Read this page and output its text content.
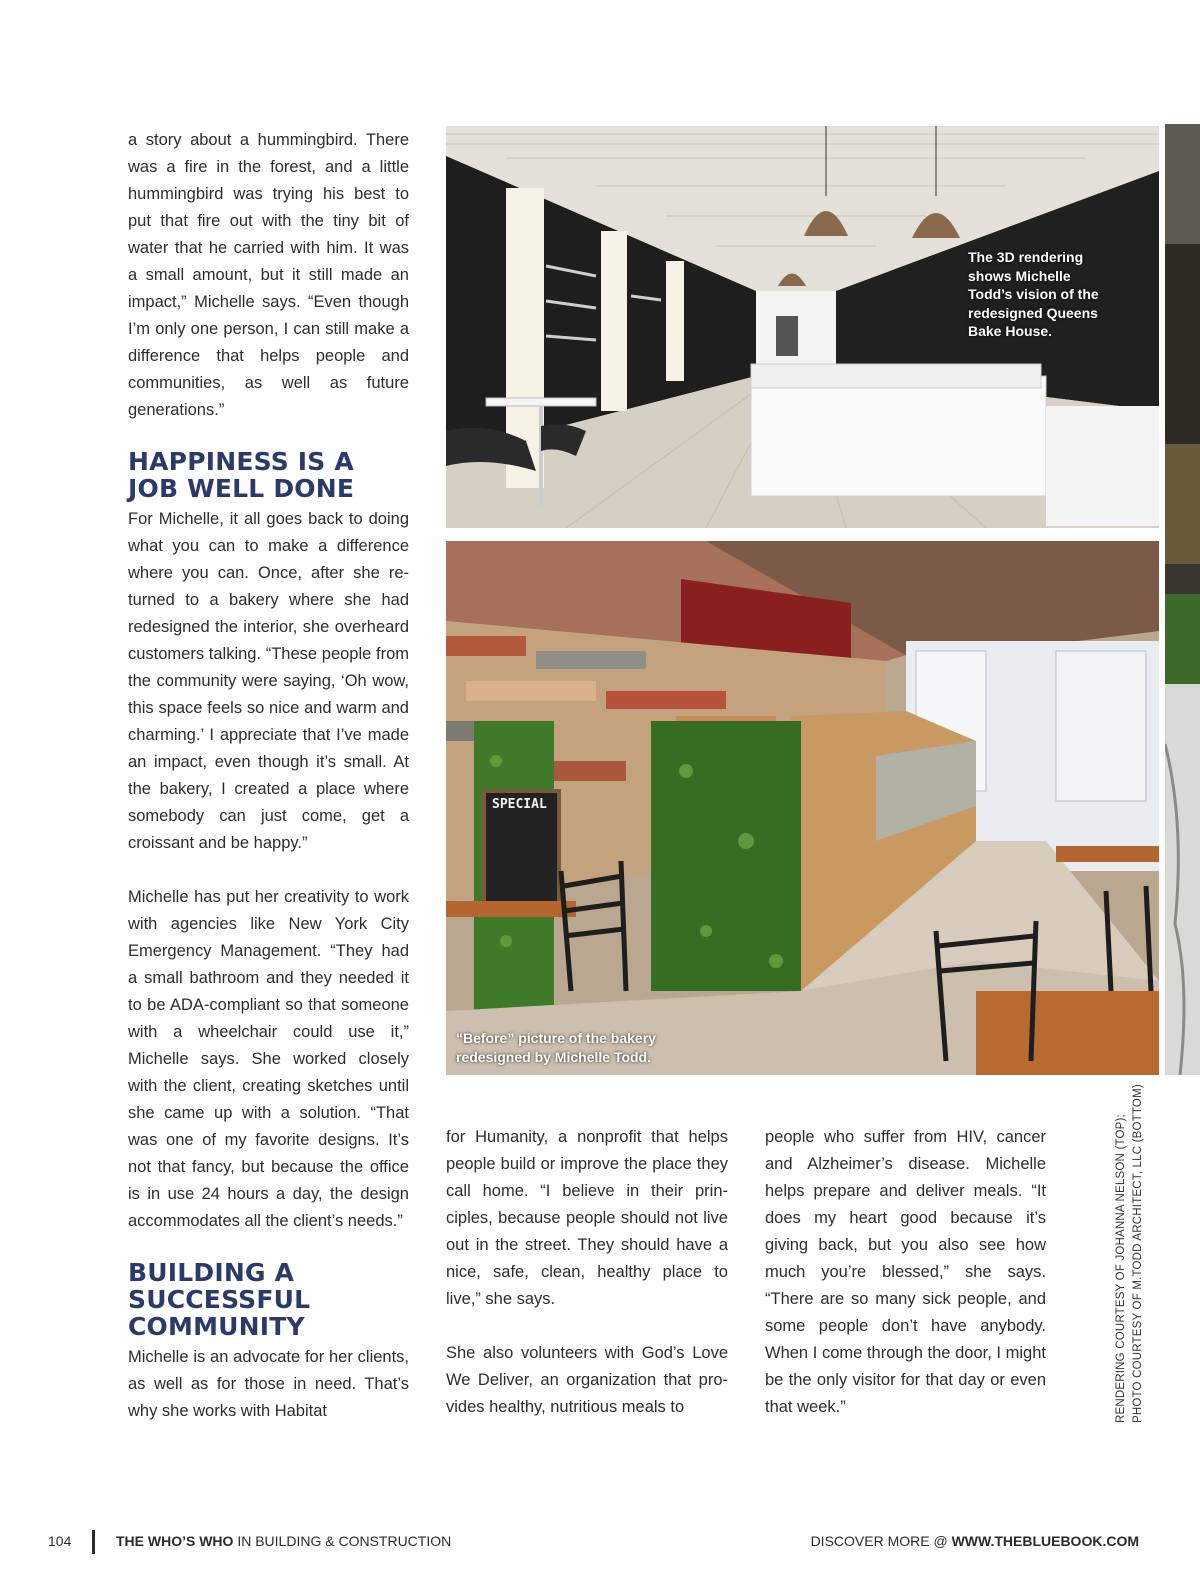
a story about a hummingbird. There was a fire in the forest, and a little hummingbird was trying his best to put that fire out with the tiny bit of water that he carried with him. It was a small amount, but it still made an impact,” Michelle says. “Even though I’m only one person, I can still make a difference that helps people and communities, as well as future generations.”

HAPPINESS IS A JOB WELL DONE

For Michelle, it all goes back to doing what you can to make a difference where you can. Once, after she re-turned to a bakery where she had redesigned the interior, she overheard customers talking. “These people from the community were saying, ‘Oh wow, this space feels so nice and warm and charming.’ I appreciate that I’ve made an impact, even though it’s small. At the bakery, I created a place where somebody can just come, get a croissant and be happy.”

Michelle has put her creativity to work with agencies like New York City Emergency Management. “They had a small bathroom and they needed it to be ADA-compliant so that someone with a wheelchair could use it,” Michelle says. She worked closely with the client, creating sketches until she came up with a solution. “That was one of my favorite designs. It’s not that fancy, but because the office is in use 24 hours a day, the design accommodates all the client’s needs.”

BUILDING A SUCCESSFUL COMMUNITY

Michelle is an advocate for her clients, as well as for those in need. That’s why she works with Habitat

The 3D rendering shows Michelle Todd’s vision of the redesigned Queens Bake House.
SPECIAL
“Before” picture of the bakery redesigned by Michelle Todd.

for Humanity, a nonprofit that helps people build or improve the place they call home. “I believe in their prin-ciples, because people should not live out in the street. They should have a nice, safe, clean, healthy place to live,” she says.

She also volunteers with God’s Love We Deliver, an organization that pro-vides healthy, nutritious meals to

people who suffer from HIV, cancer and Alzheimer’s disease. Michelle helps prepare and deliver meals. “It does my heart good because it’s giving back, but you also see how much you’re blessed,” she says. “There are so many sick people, and some people don’t have anybody. When I come through the door, I might be the only visitor for that day or even that week.”	RENDERING COURTESY OF JOHANNA NELSON (TOP); PHOTO COURTESY OF M.TODD ARCHITECT, LLC (BOTTOM)
104	THE WHO’S WHO IN BUILDING & CONSTRUCTION	DISCOVER MORE @ WWW.THEBLUEBOOK.COM
